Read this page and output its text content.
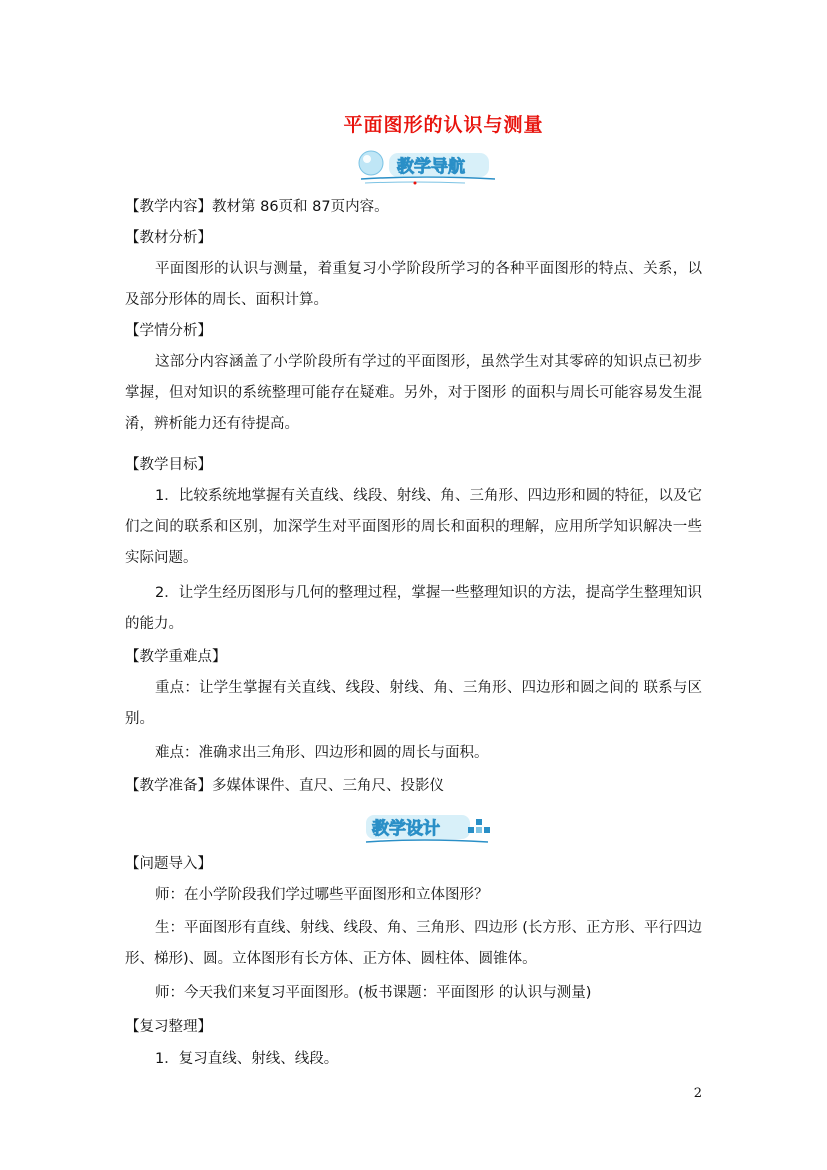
平面图形的认识与测量
教学导航
【教学内容】教材第 86页和 87页内容。
【教材分析】
平面图形的认识与测量，着重复习小学阶段所学习的各种平面图形的特点、关系，以及部分形体的周长、面积计算。
【学情分析】
这部分内容涵盖了小学阶段所有学过的平面图形，虽然学生对其零碎的知识点已初步掌握，但对知识的系统整理可能存在疑难。另外，对于图形 的面积与周长可能容易发生混淆，辨析能力还有待提高。
【教学目标】
1．比较系统地掌握有关直线、线段、射线、角、三角形、四边形和圆的特征，以及它们之间的联系和区别，加深学生对平面图形的周长和面积的理解，应用所学知识解决一些实际问题。
2．让学生经历图形与几何的整理过程，掌握一些整理知识的方法，提高学生整理知识的能力。
【教学重难点】
重点：让学生掌握有关直线、线段、射线、角、三角形、四边形和圆之间的 联系与区别。
难点：准确求出三角形、四边形和圆的周长与面积。
【教学准备】多媒体课件、直尺、三角尺、投影仪
教学设计
【问题导入】
师：在小学阶段我们学过哪些平面图形和立体图形？
生：平面图形有直线、射线、线段、角、三角形、四边形 (长方形、正方形、平行四边形、梯形)、圆。立体图形有长方体、正方体、圆柱体、圆锥体。
师：今天我们来复习平面图形。(板书课题：平面图形 的认识与测量)
【复习整理】
1．复习直线、射线、线段。
2
